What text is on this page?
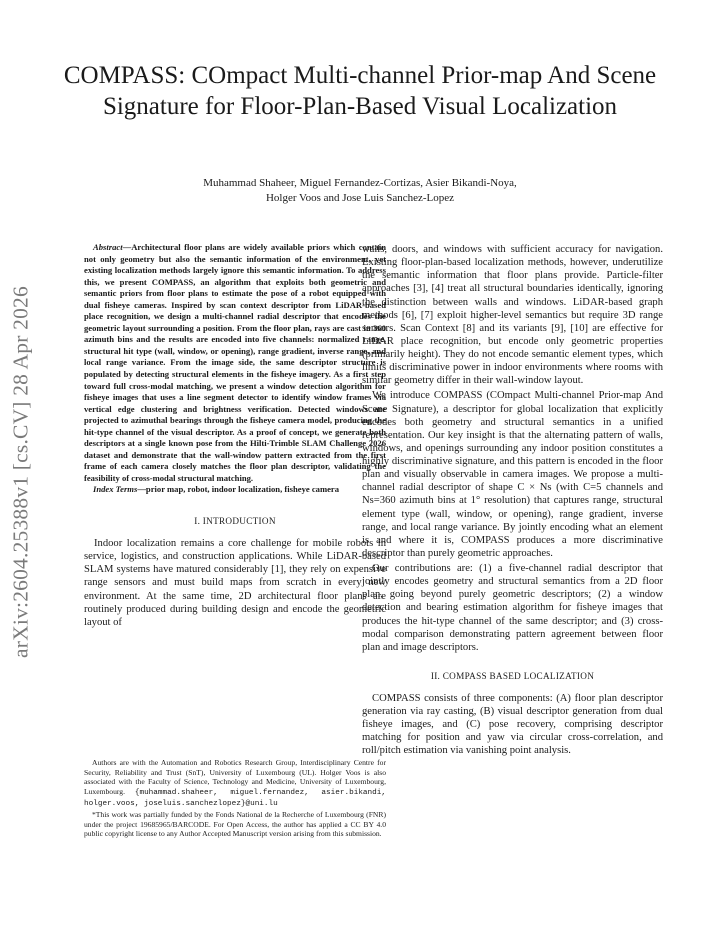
arXiv:2604.25388v1 [cs.CV] 28 Apr 2026
COMPASS: COmpact Multi-channel Prior-map And Scene Signature for Floor-Plan-Based Visual Localization
Muhammad Shaheer, Miguel Fernandez-Cortizas, Asier Bikandi-Noya,
Holger Voos and Jose Luis Sanchez-Lopez

Abstract—Architectural floor plans are widely available priors which contain not only geometry but also the semantic information of the environment, yet existing localization methods largely ignore this semantic information. To address this, we present COMPASS, an algorithm that exploits both geometric and semantic priors from floor plans to estimate the pose of a robot equipped with dual fisheye cameras. Inspired by scan context descriptor from LiDAR-based place recognition, we design a multi-channel radial descriptor that encodes the geometric layout surrounding a position. From the floor plan, rays are cast in 360 azimuth bins and the results are encoded into five channels: normalized range, structural hit type (wall, window, or opening), range gradient, inverse range, and local range variance. From the image side, the same descriptor structure is populated by detecting structural elements in the fisheye imagery. As a first step toward full cross-modal matching, we present a window detection algorithm for fisheye images that uses a line segment detector to identify window frames via vertical edge clustering and brightness verification. Detected windows are projected to azimuthal bearings through the fisheye camera model, producing the hit-type channel of the visual descriptor. As a proof of concept, we generate both descriptors at a single known pose from the Hilti-Trimble SLAM Challenge 2026 dataset and demonstrate that the wall-window pattern extracted from the first frame of each camera closely matches the floor plan descriptor, validating the feasibility of cross-modal structural matching.

Index Terms—prior map, robot, indoor localization, fisheye camera

I. INTRODUCTION

Indoor localization remains a core challenge for mobile robots in service, logistics, and construction applications. While LiDAR-based SLAM systems have matured considerably [1], they rely on expensive range sensors and must build maps from scratch in every new environment. At the same time, 2D architectural floor plans are routinely produced during building design and encode the geometric layout of

Authors are with the Automation and Robotics Research Group, Interdisciplinary Centre for Security, Reliability and Trust (SnT), University of Luxembourg (UL). Holger Voos is also associated with the Faculty of Science, Technology and Medicine, University of Luxembourg, Luxembourg. {muhammad.shaheer, miguel.fernandez, asier.bikandi, holger.voos, joseluis.sanchezlopez}@uni.lu

*This work was partially funded by the Fonds National de la Recherche of Luxembourg (FNR) under the project 19685965/BARCODE. For Open Access, the author has applied a CC BY 4.0 public copyright license to any Author Accepted Manuscript version arising from this submission.

walls, doors, and windows with sufficient accuracy for navigation. Existing floor-plan-based localization methods, however, underutilize the semantic information that floor plans provide. Particle-filter approaches [3], [4] treat all structural boundaries identically, ignoring the distinction between walls and windows. LiDAR-based graph methods [6], [7] exploit higher-level semantics but require 3D range sensors. Scan Context [8] and its variants [9], [10] are effective for LiDAR place recognition, but encode only geometric properties (primarily height). They do not encode semantic element types, which limits discriminative power in indoor environments where rooms with similar geometry differ in their wall-window layout.

We introduce COMPASS (COmpact Multi-channel Prior-map And Scene Signature), a descriptor for global localization that explicitly encodes both geometry and structural semantics in a unified representation. Our key insight is that the alternating pattern of walls, windows, and openings surrounding any indoor position constitutes a highly discriminative signature, and this pattern is encoded in the floor plan and visually observable in camera images. We propose a multi-channel radial descriptor of shape C × Ns (with C=5 channels and Ns=360 azimuth bins at 1° resolution) that captures range, structural element type (wall, window, or opening), range gradient, inverse range, and local range variance. By jointly encoding what an element is and where it is, COMPASS produces a more discriminative descriptor than purely geometric approaches.

Our contributions are: (1) a five-channel radial descriptor that jointly encodes geometry and structural semantics from a 2D floor plan, going beyond purely geometric descriptors; (2) a window detection and bearing estimation algorithm for fisheye images that produces the hit-type channel of the same descriptor; and (3) cross-modal comparison demonstrating pattern agreement between floor plan and image descriptors.

II. COMPASS BASED LOCALIZATION

COMPASS consists of three components: (A) floor plan descriptor generation via ray casting, (B) visual descriptor generation from dual fisheye images, and (C) pose recovery, comprising descriptor matching for position and yaw via circular cross-correlation, and roll/pitch estimation via vanishing point analysis.
